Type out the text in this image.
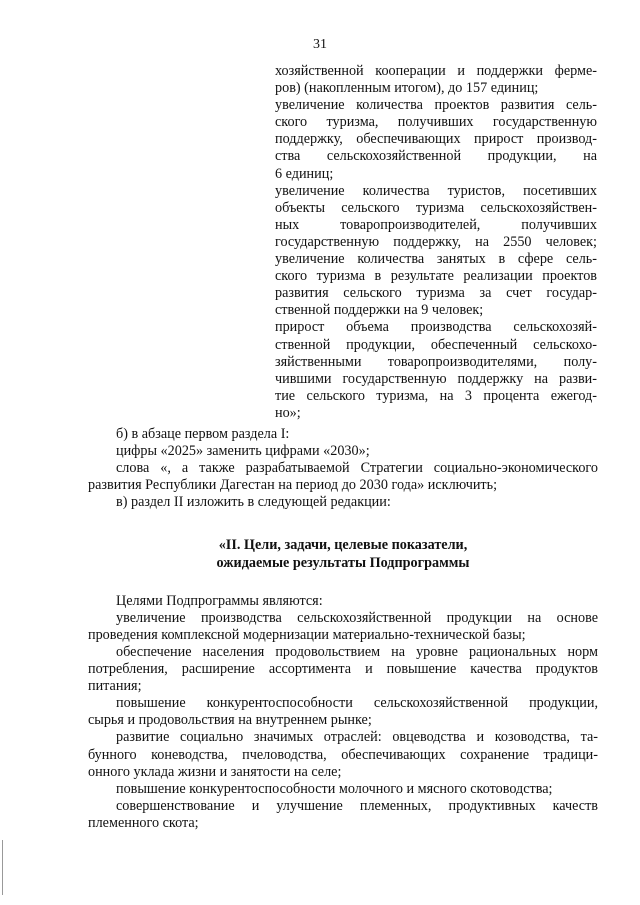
31
хозяйственной кооперации и поддержки фермe-
ров) (накопленным итогом), до 157 единиц;
увеличение количества проектов развития сель-
ского туризма, получивших государственную
поддержку, обеспечивающих прирост производ-
ства сельскохозяйственной продукции, на
6 единиц;
увеличение количества туристов, посетивших
объекты сельского туризма сельскохозяйствен-
ных товаропроизводителей, получивших
государственную поддержку, на 2550 человек;
увеличение количества занятых в сфере сель-
ского туризма в результате реализации проектов
развития сельского туризма за счет государ-
ственной поддержки на 9 человек;
прирост объема производства сельскохозяй-
ственной продукции, обеспеченный сельскохо-
зяйственными товаропроизводителями, полу-
чившими государственную поддержку на разви-
тие сельского туризма, на 3 процента ежегод-
но»;
б) в абзаце первом раздела I:
цифры «2025» заменить цифрами «2030»;
слова «, а также разрабатываемой Стратегии социально-экономического
развития Республики Дагестан на период до 2030 года» исключить;
в) раздел II изложить в следующей редакции:
«II. Цели, задачи, целевые показатели,
ожидаемые результаты Подпрограммы
Целями Подпрограммы являются:
увеличение производства сельскохозяйственной продукции на основе
проведения комплексной модернизации материально-технической базы;
обеспечение населения продовольствием на уровне рациональных норм
потребления, расширение ассортимента и повышение качества продуктов
питания;
повышение конкурентоспособности сельскохозяйственной продукции,
сырья и продовольствия на внутреннем рынке;
развитие социально значимых отраслей: овцеводства и козоводства, та-
бунного коневодства, пчеловодства, обеспечивающих сохранение традици-
онного уклада жизни и занятости на селе;
повышение конкурентоспособности молочного и мясного скотоводства;
совершенствование и улучшение племенных, продуктивных качеств
племенного скота;
